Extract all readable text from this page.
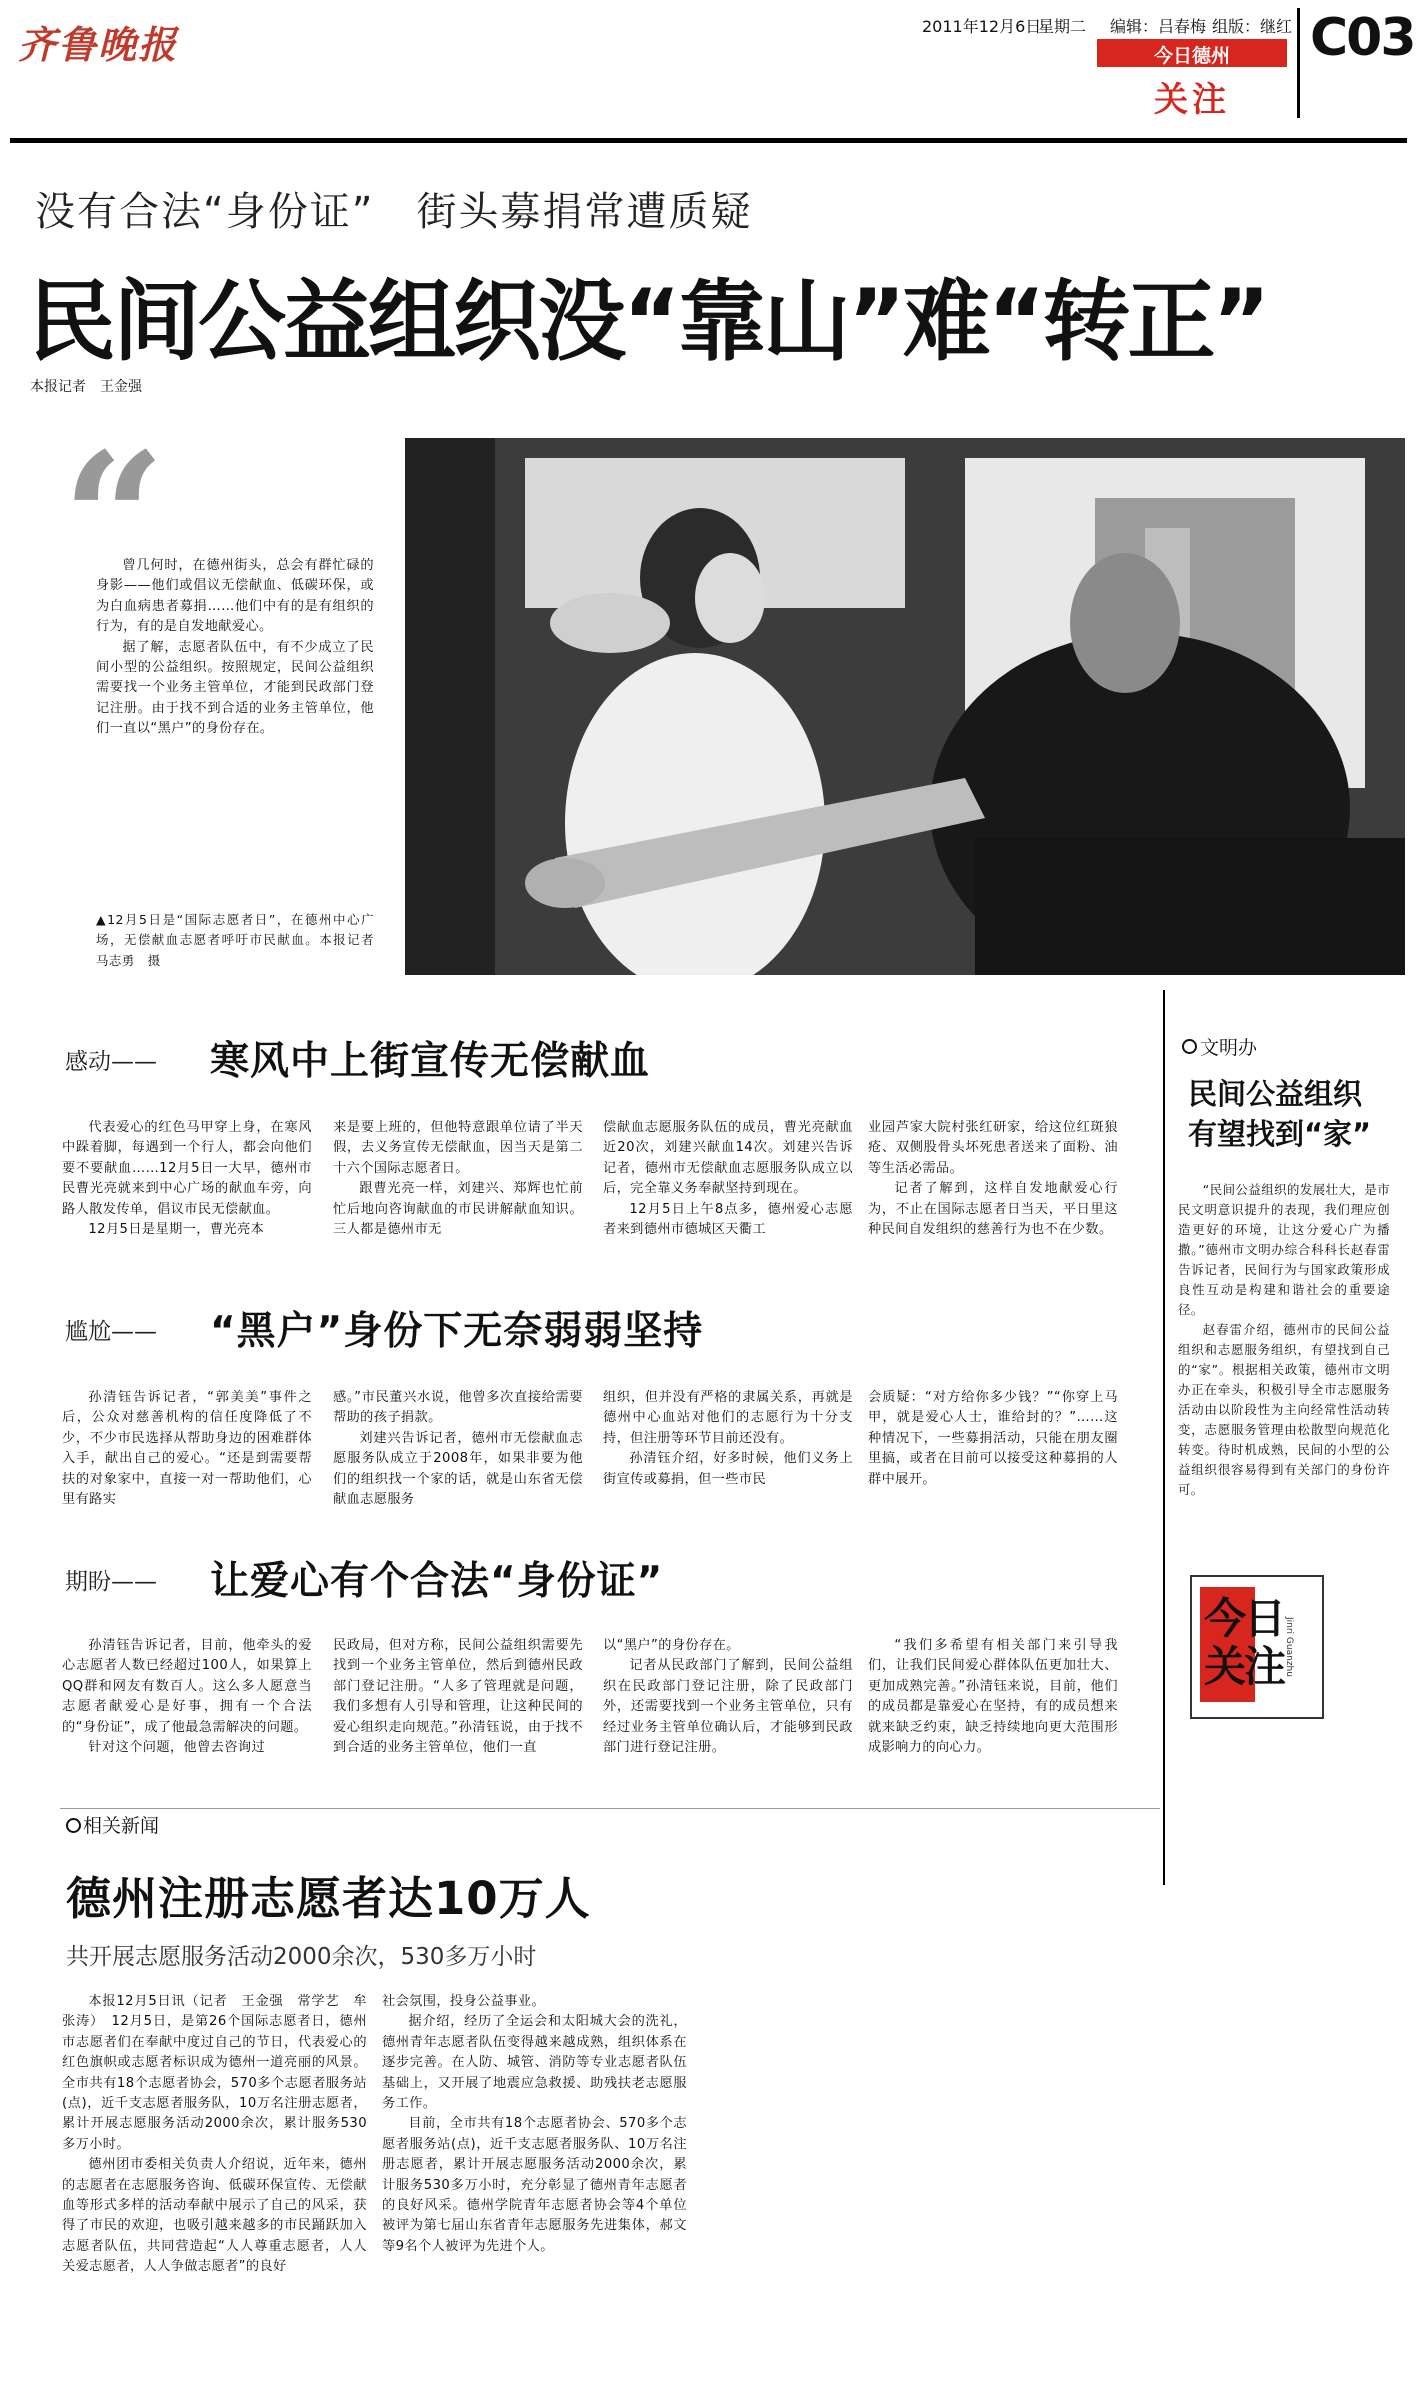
齐鲁晚报	2011年12月6日
星期二 编辑：吕春梅 组版：继红
今日德州
关注
C03
没有合法“身份证”　街头募捐常遭质疑
民间公益组织没“靠山”难“转正”
本报记者　王金强
“

曾几何时，在德州街头，总会有群忙碌的身影——他们或倡议无偿献血、低碳环保，或为白血病患者募捐……他们中有的是有组织的行为，有的是自发地献爱心。

据了解，志愿者队伍中，有不少成立了民间小型的公益组织。按照规定，民间公益组织需要找一个业务主管单位，才能到民政部门登记注册。由于找不到合适的业务主管单位，他们一直以“黑户”的身份存在。

▲12月5日是“国际志愿者日”，在德州中心广场，无偿献血志愿者呼吁市民献血。本报记者　马志勇　摄
感动—— 寒风中上街宣传无偿献血

代表爱心的红色马甲穿上身，在寒风中跺着脚，每遇到一个行人，都会向他们要不要献血……12月5日一大早，德州市民曹光亮就来到中心广场的献血车旁，向路人散发传单，倡议市民无偿献血。

12月5日是星期一，曹光亮本

来是要上班的，但他特意跟单位请了半天假，去义务宣传无偿献血，因当天是第二十六个国际志愿者日。

跟曹光亮一样，刘建兴、郑辉也忙前忙后地向咨询献血的市民讲解献血知识。三人都是德州市无

偿献血志愿服务队伍的成员，曹光亮献血近20次，刘建兴献血14次。刘建兴告诉记者，德州市无偿献血志愿服务队成立以后，完全靠义务奉献坚持到现在。

12月5日上午8点多，德州爱心志愿者来到德州市德城区天衢工

业园芦家大院村张红研家，给这位红斑狼疮、双侧股骨头坏死患者送来了面粉、油等生活必需品。

记者了解到，这样自发地献爱心行为，不止在国际志愿者日当天，平日里这种民间自发组织的慈善行为也不在少数。

尴尬—— “黑户”身份下无奈弱弱坚持

孙清钰告诉记者，“郭美美”事件之后，公众对慈善机构的信任度降低了不少，不少市民选择从帮助身边的困难群体入手，献出自己的爱心。“还是到需要帮扶的对象家中，直接一对一帮助他们，心里有路实

感。”市民董兴水说，他曾多次直接给需要帮助的孩子捐款。

刘建兴告诉记者，德州市无偿献血志愿服务队成立于2008年，如果非要为他们的组织找一个家的话，就是山东省无偿献血志愿服务

组织，但并没有严格的隶属关系，再就是德州中心血站对他们的志愿行为十分支持，但注册等环节目前还没有。

孙清钰介绍，好多时候，他们义务上街宣传或募捐，但一些市民

会质疑：“对方给你多少钱？”“你穿上马甲，就是爱心人士，谁给封的？”……这种情况下，一些募捐活动，只能在朋友圈里搞，或者在目前可以接受这种募捐的人群中展开。

期盼—— 让爱心有个合法“身份证”

孙清钰告诉记者，目前，他牵头的爱心志愿者人数已经超过100人，如果算上QQ群和网友有数百人。这么多人愿意当志愿者献爱心是好事，拥有一个合法的“身份证”，成了他最急需解决的问题。

针对这个问题，他曾去咨询过

民政局，但对方称，民间公益组织需要先找到一个业务主管单位，然后到德州民政部门登记注册。“人多了管理就是问题，我们多想有人引导和管理，让这种民间的爱心组织走向规范。”孙清钰说，由于找不到合适的业务主管单位，他们一直

以“黑户”的身份存在。

记者从民政部门了解到，民间公益组织在民政部门登记注册，除了民政部门外，还需要找到一个业务主管单位，只有经过业务主管单位确认后，才能够到民政部门进行登记注册。

“我们多希望有相关部门来引导我们，让我们民间爱心群体队伍更加壮大、更加成熟完善。”孙清钰来说，目前，他们的成员都是靠爱心在坚持，有的成员想来就来缺乏约束，缺乏持续地向更大范围形成影响力的向心力。

文明办
民间公益组织
有望找到“家”

“民间公益组织的发展壮大，是市民文明意识提升的表现，我们理应创造更好的环境，让这分爱心广为播撒。”德州市文明办综合科科长赵春雷告诉记者，民间行为与国家政策形成良性互动是构建和谐社会的重要途径。

赵春雷介绍，德州市的民间公益组织和志愿服务组织，有望找到自己的“家”。根据相关政策，德州市文明办正在牵头，积极引导全市志愿服务活动由以阶段性为主向经常性活动转变，志愿服务管理由松散型向规范化转变。待时机成熟，民间的小型的公益组织很容易得到有关部门的身份许可。

今日关注 Jinri Guanzhu
相关新闻
德州注册志愿者达10万人
共开展志愿服务活动2000余次，530多万小时

本报12月5日讯（记者　王金强　常学艺　牟张涛）　12月5日，是第26个国际志愿者日，德州市志愿者们在奉献中度过自己的节日，代表爱心的红色旗帜或志愿者标识成为德州一道亮丽的风景。全市共有18个志愿者协会，570多个志愿者服务站(点)，近千支志愿者服务队，10万名注册志愿者，累计开展志愿服务活动2000余次，累计服务530多万小时。

德州团市委相关负责人介绍说，近年来，德州的志愿者在志愿服务咨询、低碳环保宣传、无偿献血等形式多样的活动奉献中展示了自己的风采，获得了市民的欢迎，也吸引越来越多的市民踊跃加入志愿者队伍，共同营造起“人人尊重志愿者，人人关爱志愿者，人人争做志愿者”的良好

社会氛围，投身公益事业。

据介绍，经历了全运会和太阳城大会的洗礼，德州青年志愿者队伍变得越来越成熟，组织体系在逐步完善。在人防、城管、消防等专业志愿者队伍基础上，又开展了地震应急救援、助残扶老志愿服务工作。

目前，全市共有18个志愿者协会、570多个志愿者服务站(点)，近千支志愿者服务队、10万名注册志愿者，累计开展志愿服务活动2000余次，累计服务530多万小时，充分彰显了德州青年志愿者的良好风采。德州学院青年志愿者协会等4个单位被评为第七届山东省青年志愿服务先进集体，郝文等9名个人被评为先进个人。
